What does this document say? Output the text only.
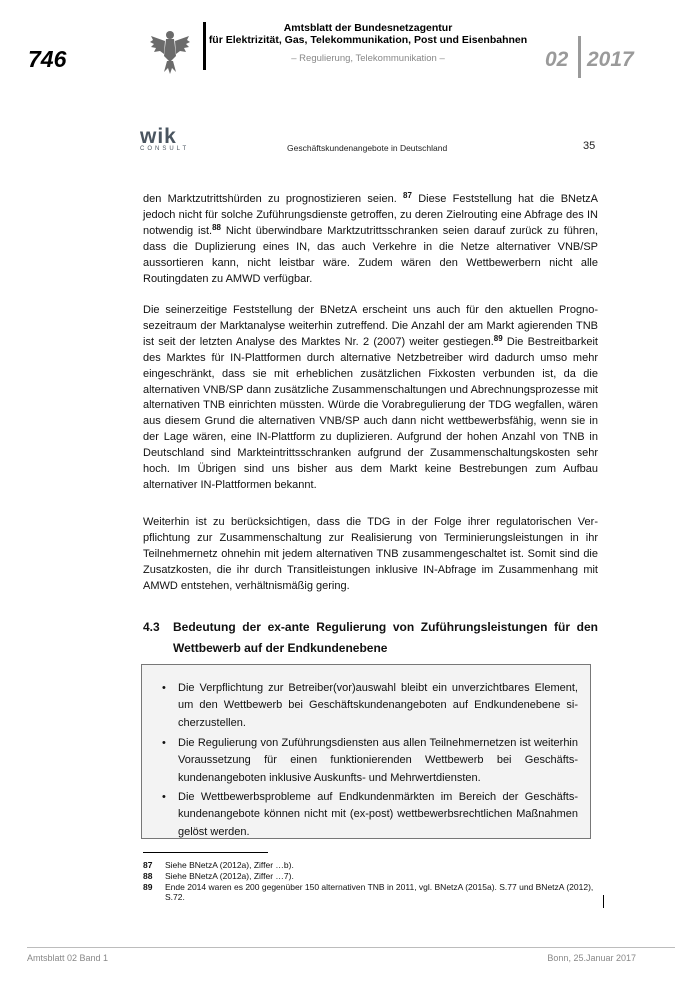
746
Amtsblatt der Bundesnetzagentur
für Elektrizität, Gas, Telekommunikation, Post und Eisenbahnen
– Regulierung, Telekommunikation –	02 2017
wik
CONSULT	Geschäftskundenangebote in Deutschland	35
den Marktzutrittshürden zu prognostizieren seien. $^{87}$ Diese Feststellung hat die BNetzA jedoch nicht für solche Zuführungsdienste getroffen, zu deren Zielrouting eine Abfrage des IN notwendig ist.$^{88}$ Nicht überwindbare Marktzutrittsschranken seien darauf zurück zu führen, dass die Duplizierung eines IN, das auch Verkehre in die Netze alternativer VNB/SP aussortieren kann, nicht leistbar wäre. Zudem wären den Wettbewerbern nicht alle Routingdaten zu AMWD verfügbar.
Die seinerzeitige Feststellung der BNetzA erscheint uns auch für den aktuellen Prognosezeitraum der Marktanalyse weiterhin zutreffend. Die Anzahl der am Markt agierenden TNB ist seit der letzten Analyse des Marktes Nr. 2 (2007) weiter gestiegen.$^{89}$ Die Bestreitbarkeit des Marktes für IN-Plattformen durch alternative Netzbetreiber wird dadurch umso mehr eingeschränkt, dass sie mit erheblichen zusätzlichen Fixkosten verbunden ist, da die alternativen VNB/SP dann zusätzliche Zusammenschaltungen und Abrechnungsprozesse mit alternativen TNB einrichten müssten. Würde die Vorabregulierung der TDG wegfallen, wären aus diesem Grund die alternativen VNB/SP auch dann nicht wettbewerbsfähig, wenn sie in der Lage wären, eine IN-Plattform zu duplizieren. Aufgrund der hohen Anzahl von TNB in Deutschland sind Markteintrittsschranken aufgrund der Zusammenschaltungskosten sehr hoch. Im Übrigen sind uns bisher aus dem Markt keine Bestrebungen zum Aufbau alternativer IN-Plattformen bekannt.
Weiterhin ist zu berücksichtigen, dass die TDG in der Folge ihrer regulatorischen Verpflichtung zur Zusammenschaltung zur Realisierung von Terminierungsleistungen in ihr Teilnehmernetz ohnehin mit jedem alternativen TNB zusammengeschaltet ist. Somit sind die Zusatzkosten, die ihr durch Transitleistungen inklusive IN-Abfrage im Zusammenhang mit AMWD entstehen, verhältnismäßig gering.
4.3 Bedeutung der ex-ante Regulierung von Zuführungsleistungen für den Wettbewerb auf der Endkundenebene
• Die Verpflichtung zur Betreiber(vor)auswahl bleibt ein unverzichtbares Element, um den Wettbewerb bei Geschäftskundenangeboten auf Endkundenebene sicherzustellen.
• Die Regulierung von Zuführungsdiensten aus allen Teilnehmernetzen ist weiterhin Voraussetzung für einen funktionierenden Wettbewerb bei Geschäftskundenangeboten inklusive Auskunfts- und Mehrwertdiensten.
• Die Wettbewerbsprobleme auf Endkundenmärkten im Bereich der Geschäftskundenangebote können nicht mit (ex-post) wettbewerbsrechtlichen Maßnahmen gelöst werden.
87 Siehe BNetzA (2012a), Ziffer …b).
88 Siehe BNetzA (2012a), Ziffer …7).
89 Ende 2014 waren es 200 gegenüber 150 alternativen TNB in 2011, vgl. BNetzA (2015a). S.77 und BNetzA (2012), S.72.
Amtsblatt 02 Band 1	Bonn, 25.Januar 2017
